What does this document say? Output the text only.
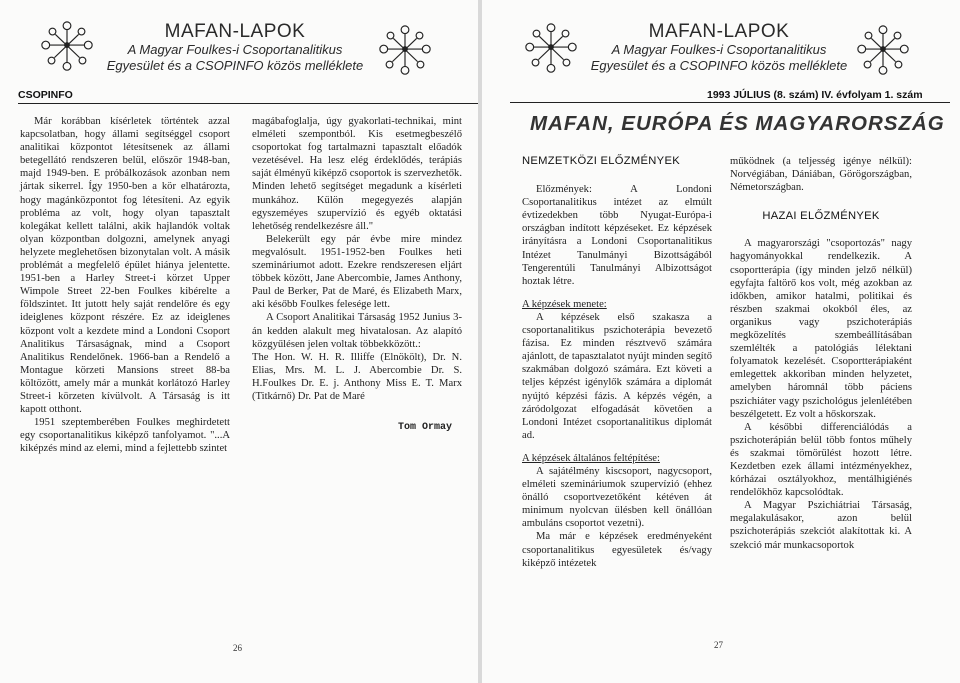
MAFAN-LAPOK
A Magyar Foulkes-i Csoportanalitikus
Egyesület és a CSOPINFO közös melléklete
CSOPINFO

Már korábban kísérletek történtek azzal kapcsolatban, hogy állami segítséggel csoport analitikai központot létesítsenek az állami betegellátó rendszeren belül, először 1948-ban, majd 1949-ben. E próbálkozások azonban nem jártak sikerrel. Így 1950-ben a kör elhatározta, hogy magánközpontot fog létesíteni. Az egyik probléma az volt, hogy olyan tapasztalt kolegákat kellett találni, akik hajlandók voltak olyan központban dolgozni, amelynek anyagi helyzete meglehetősen bizonytalan volt. A másik problémát a megfelelő épület hiánya jelentette. 1951-ben a Harley Street-i körzet Upper Wimpole Street 22-ben Foulkes kibérelte a földszintet. Itt jutott hely saját rendelőre és egy ideiglenes központ részére. Ez az ideiglenes központ volt a kezdete mind a Londoni Csoport Analitikus Társaságnak, mind a Csoport Analitikus Rendelőnek. 1966-ban a Rendelő a Montague körzeti Mansions street 88-ba költözött, amely már a munkát korlátozó Harley Street-i körzeten kívülvolt. A Társaság is itt kapott otthont.

1951 szeptemberében Foulkes meghirdetett egy csoportanalitikus kiképző tanfolyamot. "...A kiképzés mind az elemi, mind a fejlettebb szintet

magábafoglalja, úgy gyakorlati-technikai, mint elméleti szempontból. Kis esetmegbeszélő csoportokat fog tartalmazni tapasztalt előadók vezetésével. Ha lesz elég érdeklődés, terápiás saját élményű kiképző csoportok is szervezhetők. Minden lehető segítséget megadunk a kísérleti munkához. Külön megegyezés alapján egyszeméyes szupervízió és egyéb oktatási lehetőség rendelkezésre áll."

Belekerült egy pár évbe mire mindez megvalósult. 1951-1952-ben Foulkes heti szemináriumot adott. Ezekre rendszeresen eljárt többek között, Jane Abercombie, James Anthony, Paul de Berker, Pat de Maré, és Elizabeth Marx, aki később Foulkes felesége lett.

A Csoport Analitikai Társaság 1952 Junius 3-án kedden alakult meg hivatalosan. Az alapító közgyűlésen jelen voltak többekközött.:

The Hon. W. H. R. Illiffe (Elnökölt), Dr. N. Elias, Mrs. M. L. J. Abercombie Dr. S. H.Foulkes Dr. E. j. Anthony Miss E. T. Marx (Titkárnő) Dr. Pat de Maré

Tom Ormay

26
MAFAN-LAPOK
A Magyar Foulkes-i Csoportanalitikus
Egyesület és a CSOPINFO közös melléklete
1993 JÚLIUS (8. szám) IV. évfolyam 1. szám
MAFAN, EURÓPA ÉS MAGYARORSZÁG

NEMZETKÖZI ELŐZMÉNYEK

Előzmények: A Londoni Csoportanalitikus intézet az elmúlt évtizedekben több Nyugat-Európa-i országban indított képzéseket. Ez képzések irányításra a Londoni Csoportanalitikus Intézet Tanulmányi Bizottságából Tengerentúli Tanulmányi Albizottságot hoztak létre.

A képzések menete:

A képzések első szakasza a csoportanalitikus pszichoterápia bevezető fázisa. Ez minden résztvevő számára ajánlott, de tapasztalatot nyújt minden segítő szakmában dolgozó számára. Ezt követi a teljes képzést igénylők számára a diplomát nyújtó képzési fázis. A képzés végén, a záródolgozat elfogadását követően a Londoni Intézet csoportanalitikus diplomát ad.

A képzések általános feltépítése:

A sajátélmény kiscsoport, nagycsoport, elméleti szemináriumok szupervízió (ehhez önálló csoportvezetőként kétéven át minimum nyolcvan ülésben kell önállóan ambuláns csoportot vezetni).

Ma már e képzések eredményeként csoportanalitikus egyesületek és/vagy kiképző intézetek

működnek (a teljesség igénye nélkül): Norvégiában, Dániában, Görögországban, Németországban.

HAZAI ELŐZMÉNYEK

A magyarországi "csoportozás" nagy hagyományokkal rendelkezik. A csoportterápia (így minden jelző nélkül) egyfajta faltörő kos volt, még azokban az időkben, amikor hatalmi, politikai és részben szakmai okokból éles, az organikus vagy pszichoterápiás megközelítés szembeállításában szemlélték a patológiás lélektani folyamatok kezelését. Csoportterápiaként emlegettek akkoriban minden helyzetet, amelyben háromnál több páciens pszichiáter vagy pszichológus jelenlétében beszélgetett. Ez volt a hőskorszak.

A későbbi differenciálódás a pszichoterápián belül több fontos műhely és szakmai tömörülést hozott létre. Kezdetben ezek állami intézményekhez, kórházai osztályokhoz, mentálhigiénés rendelőkhöz kapcsolódtak.

A Magyar Pszichiátriai Társaság, megalakulásakor, azon belül pszichoterápiás szekciót alakítottak ki. A szekció már munkacsoportok

27
